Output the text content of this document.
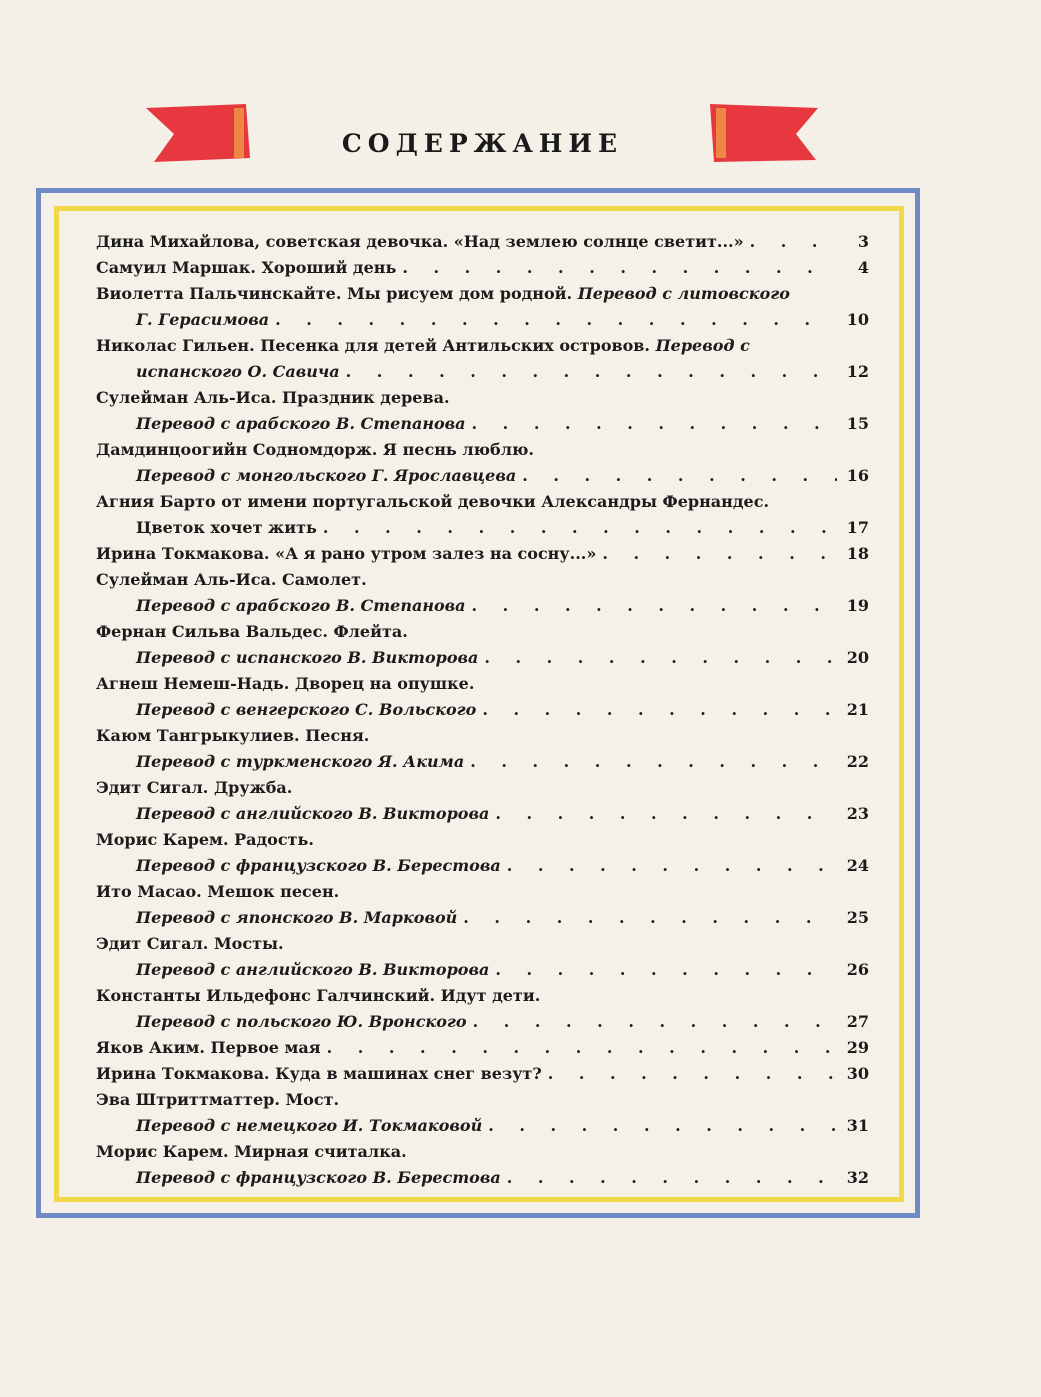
СОДЕРЖАНИЕ
Дина Михайлова, советская девочка. «Над землею солнце светит...» . . .	3
Самуил Маршак. Хороший день . . .	4
Виолетта Пальчинскайте. Мы рисуем дом родной. Перевод с литовского
Г. Герасимова . . .	10
Николас Гильен. Песенка для детей Антильских островов. Перевод с
испанского О. Савича . . .	12
Сулейман Аль-Иса. Праздник дерева.
Перевод с арабского В. Степанова . . .	15
Дамдинцоогийн Содномдорж. Я песнь люблю.
Перевод с монгольского Г. Ярославцева . . .	16
Агния Барто от имени португальской девочки Александры Фернандес.
Цветок хочет жить . . .	17
Ирина Токмакова. «А я рано утром залез на сосну...» . . .	18
Сулейман Аль-Иса. Самолет.
Перевод с арабского В. Степанова . . .	19
Фернан Сильва Вальдес. Флейта.
Перевод с испанского В. Викторова . . .	20
Агнеш Немеш-Надь. Дворец на опушке.
Перевод с венгерского С. Вольского . . .	21
Каюм Тангрыкулиев. Песня.
Перевод с туркменского Я. Акима . . .	22
Эдит Сигал. Дружба.
Перевод с английского В. Викторова . . .	23
Морис Карем. Радость.
Перевод с французского В. Берестова . . .	24
Ито Масао. Мешок песен.
Перевод с японского В. Марковой . . .	25
Эдит Сигал. Мосты.
Перевод с английского В. Викторова . . .	26
Константы Ильдефонс Галчинский. Идут дети.
Перевод с польского Ю. Вронского . . .	27
Яков Аким. Первое мая . . .	29
Ирина Токмакова. Куда в машинах снег везут? . . .	30
Эва Штриттматтер. Мост.
Перевод с немецкого И. Токмаковой . . .	31
Морис Карем. Мирная считалка.
Перевод с французского В. Берестова . . .	32
